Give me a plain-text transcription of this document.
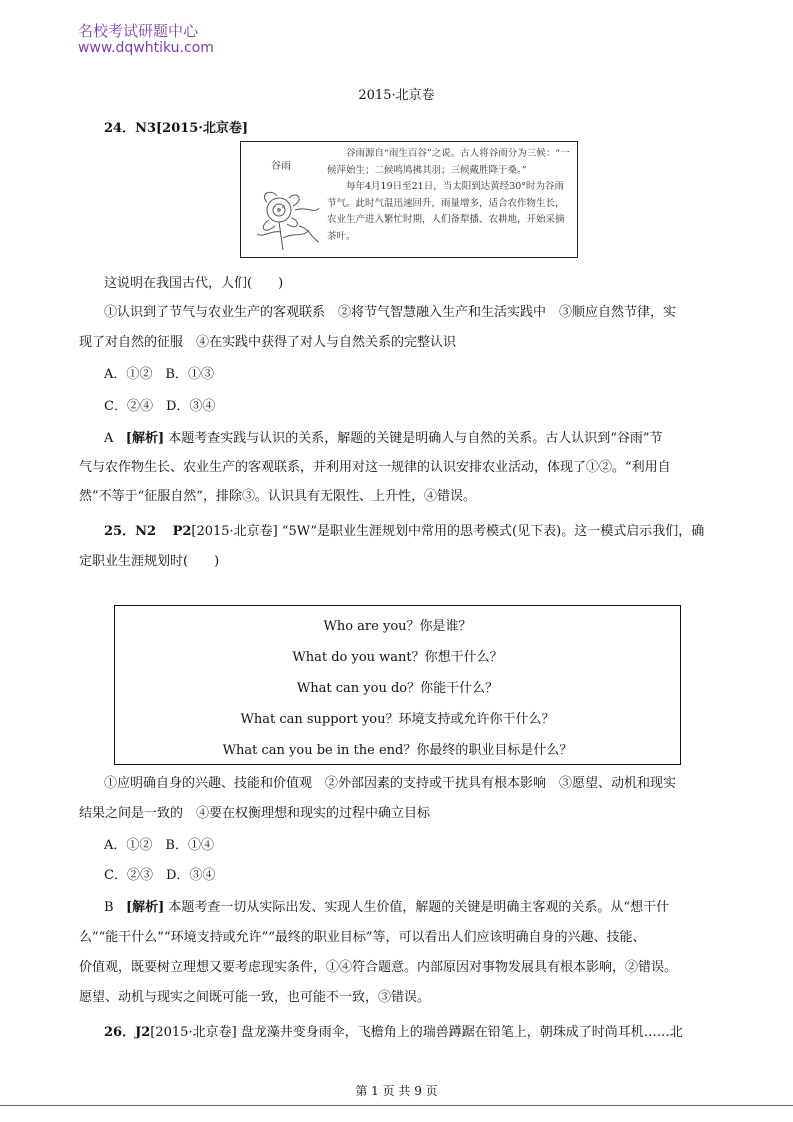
名校考试研题中心
www.dqwhtiku.com
2015·北京卷
24．N3[2015·北京卷]
谷雨

谷雨源自“雨生百谷”之说。古人将谷雨分为三候：“一候萍始生；二候鸣鸠拂其羽；三候戴胜降于桑。”

每年4月19日至21日，当太阳到达黄经30°时为谷雨节气。此时气温迅速回升，雨量增多，适合农作物生长，农业生产进入繁忙时期，人们备犁播、农耕地，开始采摘茶叶。

这说明在我国古代，人们(　　)
①认识到了节气与农业生产的客观联系　②将节气智慧融入生产和生活实践中　③顺应自然节律，实
现了对自然的征服　④在实践中获得了对人与自然关系的完整认识
A．①②　B．①③
C．②④　D．③④
A [解析] 本题考查实践与认识的关系，解题的关键是明确人与自然的关系。古人认识到“谷雨”节
气与农作物生长、农业生产的客观联系，并利用对这一规律的认识安排农业活动，体现了①②。“利用自
然”不等于“征服自然”，排除③。认识具有无限性、上升性，④错误。
25．N2 P2[2015·北京卷] “5W”是职业生涯规划中常用的思考模式(见下表)。这一模式启示我们，确
定职业生涯规划时(　　)
Who are you？你是谁？
What do you want？你想干什么？
What can you do？你能干什么？
What can support you？环境支持或允许你干什么？
What can you be in the end？你最终的职业目标是什么？
①应明确自身的兴趣、技能和价值观　②外部因素的支持或干扰具有根本影响　③愿望、动机和现实
结果之间是一致的　④要在权衡理想和现实的过程中确立目标
A．①②　B．①④
C．②③　D．③④
B [解析] 本题考查一切从实际出发、实现人生价值，解题的关键是明确主客观的关系。从“想干什
么”“能干什么”“环境支持或允许”“最终的职业目标”等，可以看出人们应该明确自身的兴趣、技能、
价值观，既要树立理想又要考虑现实条件，①④符合题意。内部原因对事物发展具有根本影响，②错误。
愿望、动机与现实之间既可能一致，也可能不一致，③错误。
26．J2[2015·北京卷] 盘龙藻井变身雨伞，飞檐角上的瑞兽蹲踞在铅笔上，朝珠成了时尚耳机……北
第 1 页 共 9 页
